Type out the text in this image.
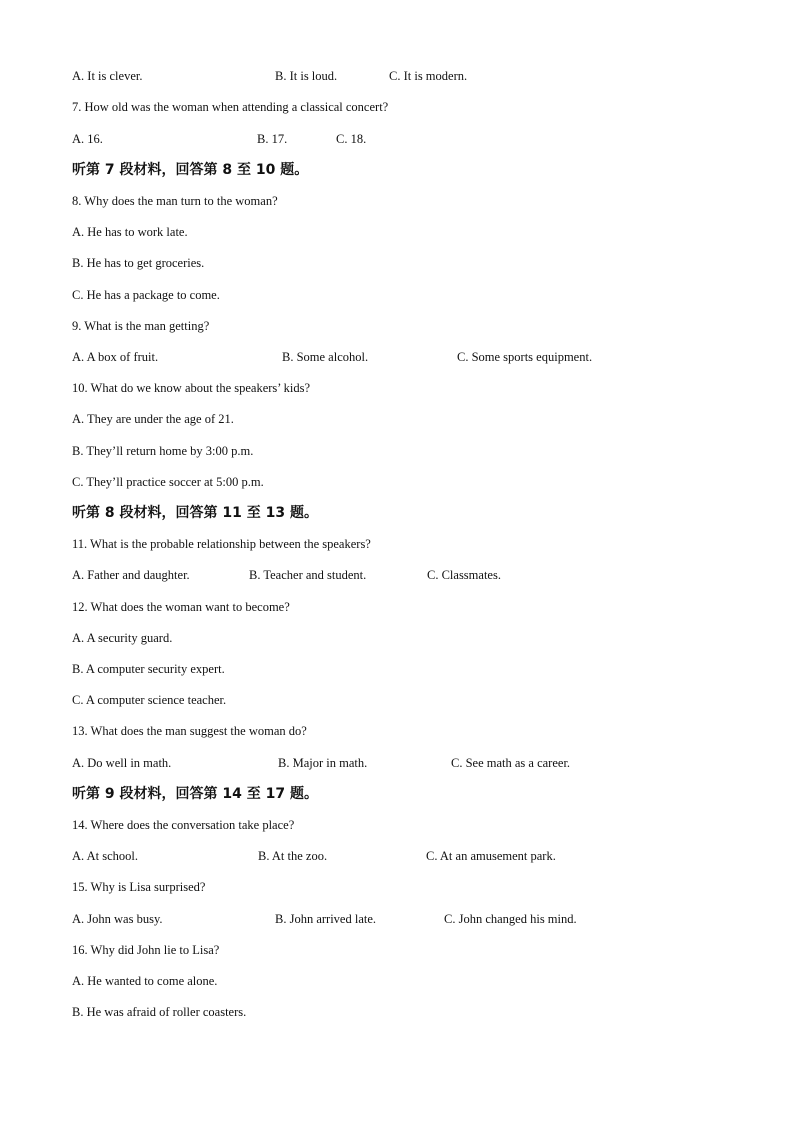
A. It is clever.	B. It is loud.	C. It is modern.
7. How old was the woman when attending a classical concert?
A. 16.	B. 17.	C. 18.
听第 7 段材料，回答第 8 至 10 题。
8. Why does the man turn to the woman?
A. He has to work late.
B. He has to get groceries.
C. He has a package to come.
9. What is the man getting?
A. A box of fruit.	B. Some alcohol.	C. Some sports equipment.
10. What do we know about the speakers’ kids?
A. They are under the age of 21.
B. They’ll return home by 3:00 p.m.
C. They’ll practice soccer at 5:00 p.m.
听第 8 段材料，回答第 11 至 13 题。
11. What is the probable relationship between the speakers?
A. Father and daughter.	B. Teacher and student.	C. Classmates.
12. What does the woman want to become?
A. A security guard.
B. A computer security expert.
C. A computer science teacher.
13. What does the man suggest the woman do?
A. Do well in math.	B. Major in math.	C. See math as a career.
听第 9 段材料，回答第 14 至 17 题。
14. Where does the conversation take place?
A. At school.	B. At the zoo.	C. At an amusement park.
15. Why is Lisa surprised?
A. John was busy.	B. John arrived late.	C. John changed his mind.
16. Why did John lie to Lisa?
A. He wanted to come alone.
B. He was afraid of roller coasters.
